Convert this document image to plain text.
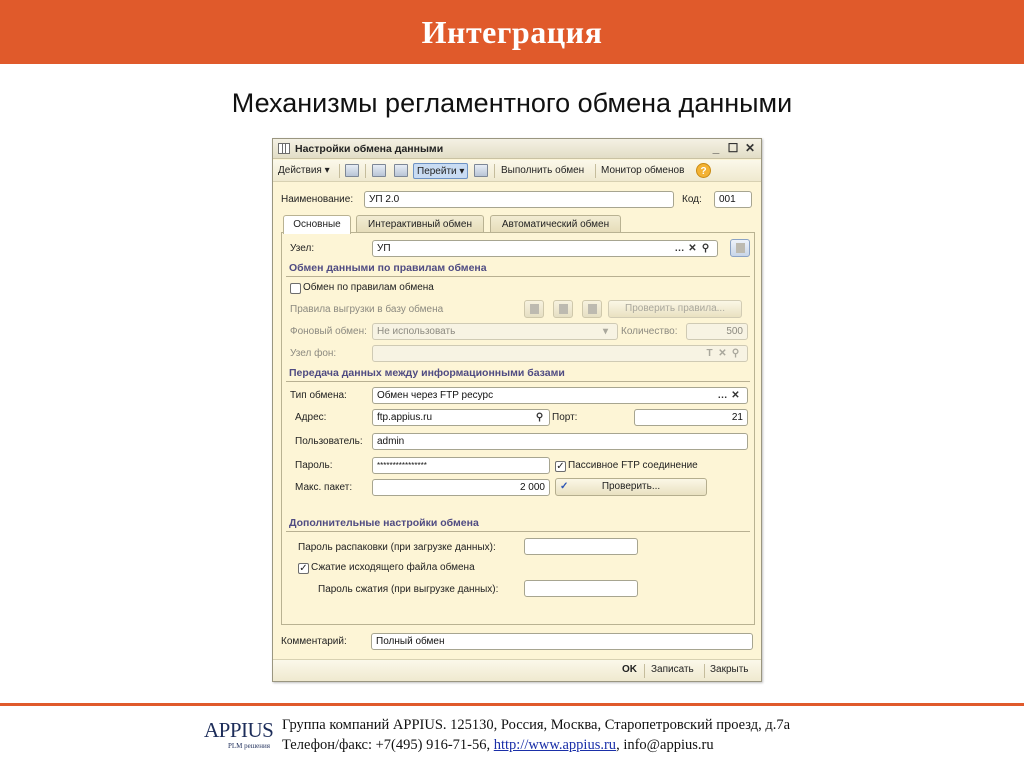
Интеграция
Механизмы регламентного обмена данными
Настройки обмена данными	_ ☐ ✕
Действия ▾	Перейти ▾	Выполнить обмен Монитор обменов	?
Наименование:	УП 2.0	Код:	001
Основные	Интерактивный обмен	Автоматический обмен
Узел:	УП	… ✕ ⚲
Обмен данными по правилам обмена
Обмен по правилам обмена
Правила выгрузки в базу обмена	Проверить правила...
Фоновый обмен:	Не использовать	▾	Количество:	500
Узел фон:	T ✕ ⚲
Передача данных между информационными базами
Тип обмена:	Обмен через FTP ресурс	… ✕
Адрес:	ftp.appius.ru	⚲ Порт:	21
Пользователь:	admin
Пароль:	****************	✓ Пассивное FTP соединение
Макс. пакет:	2 000	✓	Проверить...
Дополнительные настройки обмена
Пароль распаковки (при загрузке данных):
✓ Сжатие исходящего файла обмена
Пароль сжатия (при выгрузке данных):
Комментарий:	Полный обмен
OK Записать Закрыть
APPIUS
PLM решения
Группа компаний APPIUS. 125130, Россия, Москва, Старопетровский проезд, д.7а
Телефон/факс: +7(495) 916-71-56, http://www.appius.ru, info@appius.ru
